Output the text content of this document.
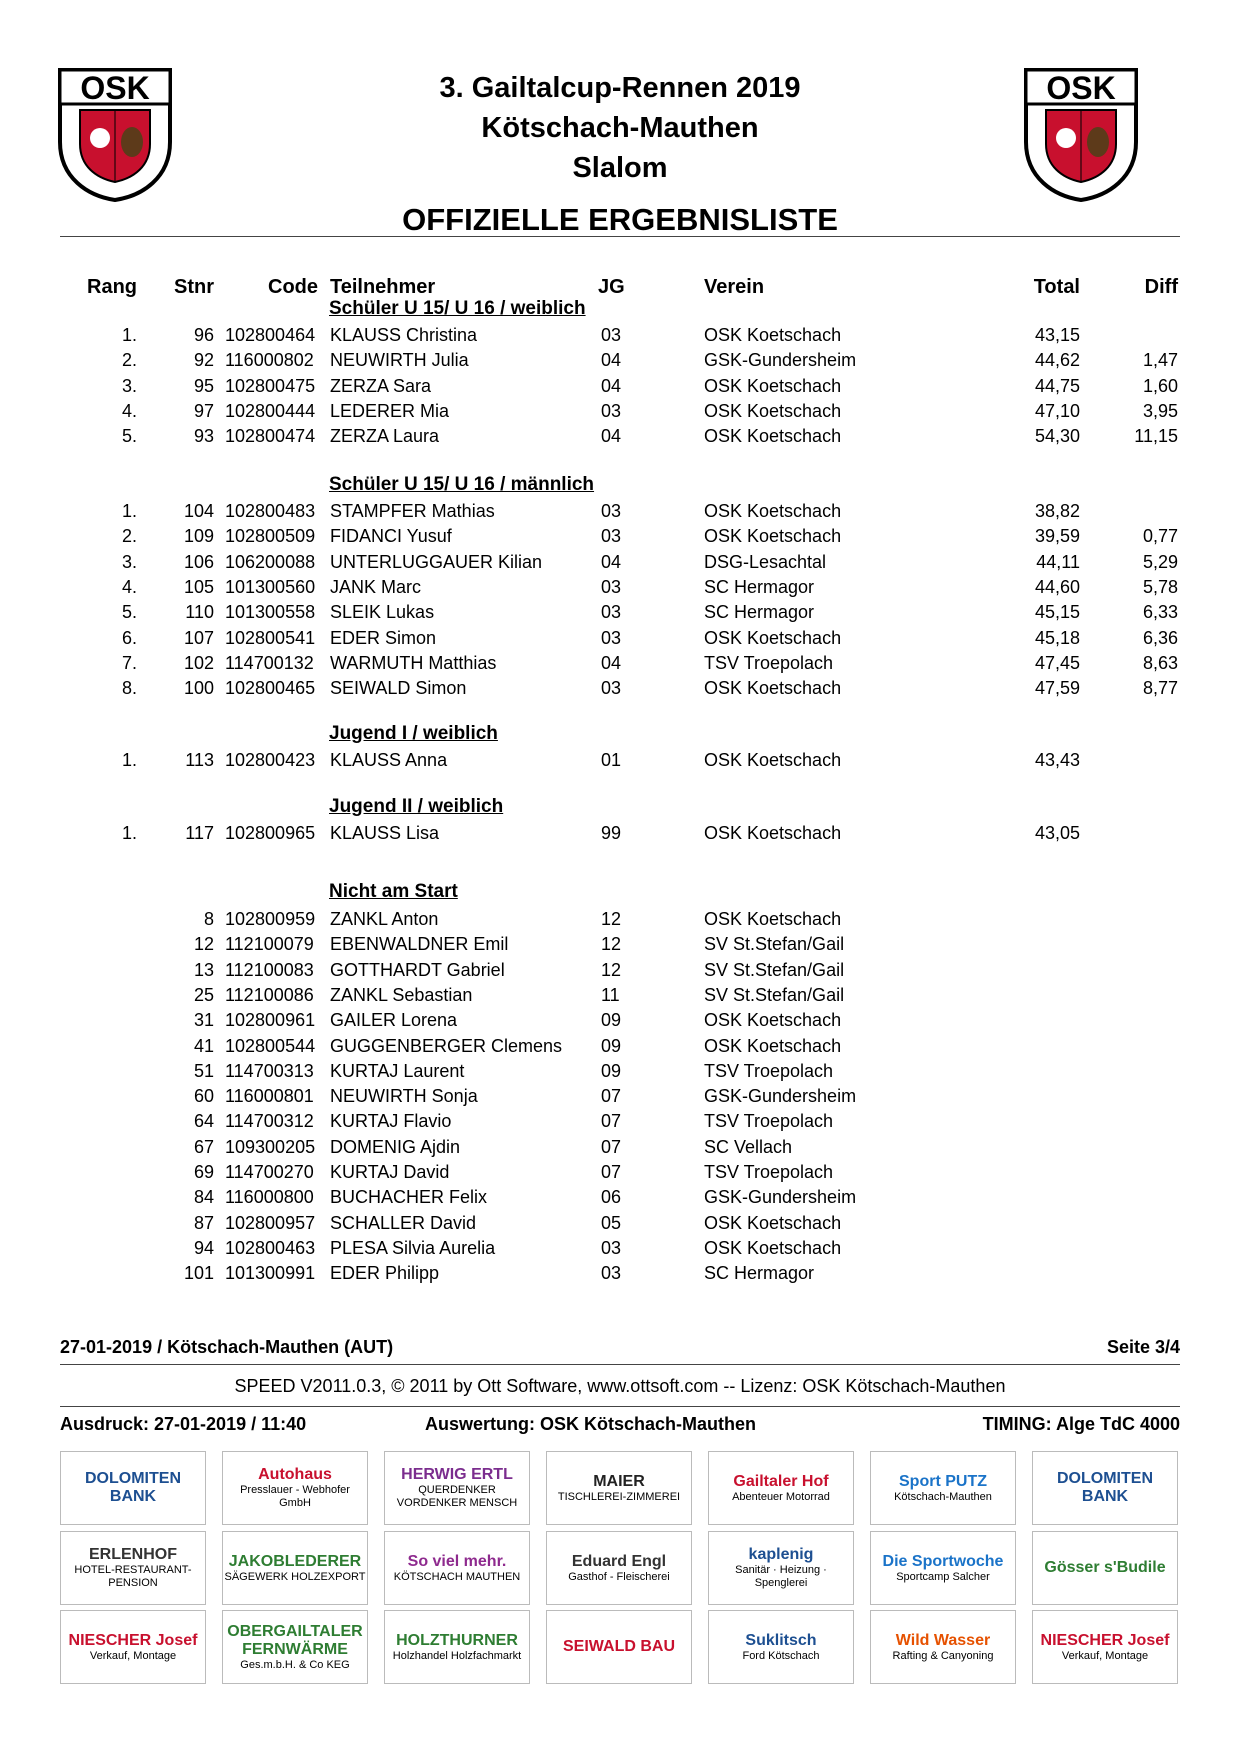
OSK	3. Gailtalcup-Rennen 2019
Kötschach-Mauthen
Slalom
OFFIZIELLE ERGEBNISLISTE
OSK
Rang Stnr	Code Teilnehmer	JG	Verein	Total	Diff
Schüler U 15/ U 16 / weiblich
1.	96 102800464 KLAUSS Christina	03	OSK Koetschach	43,15
2.	92 116000802 NEUWIRTH Julia	04	GSK-Gundersheim	44,62	1,47
3.	95 102800475 ZERZA Sara	04	OSK Koetschach	44,75	1,60
4.	97 102800444 LEDERER Mia	03	OSK Koetschach	47,10	3,95
5.	93 102800474 ZERZA Laura	04	OSK Koetschach	54,30	11,15
Schüler U 15/ U 16 / männlich
1.	104 102800483 STAMPFER Mathias	03	OSK Koetschach	38,82
2.	109 102800509 FIDANCI Yusuf	03	OSK Koetschach	39,59	0,77
3.	106 106200088 UNTERLUGGAUER Kilian	04	DSG-Lesachtal	44,11	5,29
4.	105 101300560 JANK Marc	03	SC Hermagor	44,60	5,78
5.	110 101300558 SLEIK Lukas	03	SC Hermagor	45,15	6,33
6.	107 102800541 EDER Simon	03	OSK Koetschach	45,18	6,36
7.	102 114700132 WARMUTH Matthias	04	TSV Troepolach	47,45	8,63
8.	100 102800465 SEIWALD Simon	03	OSK Koetschach	47,59	8,77
Jugend I / weiblich
1.	113 102800423 KLAUSS Anna	01	OSK Koetschach	43,43
Jugend II / weiblich
1.	117 102800965 KLAUSS Lisa	99	OSK Koetschach	43,05
Nicht am Start
8 102800959 ZANKL Anton	12	OSK Koetschach
12 112100079 EBENWALDNER Emil	12	SV St.Stefan/Gail
13 112100083 GOTTHARDT Gabriel	12	SV St.Stefan/Gail
25 112100086 ZANKL Sebastian	11	SV St.Stefan/Gail
31 102800961 GAILER Lorena	09	OSK Koetschach
41 102800544 GUGGENBERGER Clemens 09	OSK Koetschach
51 114700313 KURTAJ Laurent	09	TSV Troepolach
60 116000801 NEUWIRTH Sonja	07	GSK-Gundersheim
64 114700312 KURTAJ Flavio	07	TSV Troepolach
67 109300205 DOMENIG Ajdin	07	SC Vellach
69 114700270 KURTAJ David	07	TSV Troepolach
84 116000800 BUCHACHER Felix	06	GSK-Gundersheim
87 102800957 SCHALLER David	05	OSK Koetschach
94 102800463 PLESA Silvia Aurelia	03	OSK Koetschach
101 101300991 EDER Philipp	03	SC Hermagor
27-01-2019 / Kötschach-Mauthen (AUT)	Seite 3/4
SPEED V2011.0.3, © 2011 by Ott Software, www.ottsoft.com -- Lizenz: OSK Kötschach-Mauthen
Ausdruck: 27-01-2019 / 11:40	Auswertung: OSK Kötschach-Mauthen	TIMING: Alge TdC 4000
DOLOMITEN BANK
Autohaus
Presslauer - Webhofer GmbH
HERWIG ERTL
QUERDENKER VORDENKER MENSCH
MAIER
TISCHLEREI-ZIMMEREI
Gailtaler Hof
Abenteuer Motorrad
Sport PUTZ
Kötschach-Mauthen
DOLOMITEN BANK
ERLENHOF
HOTEL-RESTAURANT-PENSION
JAKOBLEDERER
SÄGEWERK HOLZEXPORT
So viel mehr.
KÖTSCHACH MAUTHEN
Eduard Engl
Gasthof - Fleischerei
kaplenig
Sanitär · Heizung · Spenglerei
Die Sportwoche
Sportcamp Salcher
Gösser s'Budile
NIESCHER Josef
Verkauf, Montage
OBERGAILTALER FERNWÄRME
Ges.m.b.H. & Co KEG
HOLZTHURNER
Holzhandel Holzfachmarkt
SEIWALD BAU	Suklitsch
Ford Kötschach
Wild Wasser
Rafting & Canyoning
NIESCHER Josef
Verkauf, Montage
